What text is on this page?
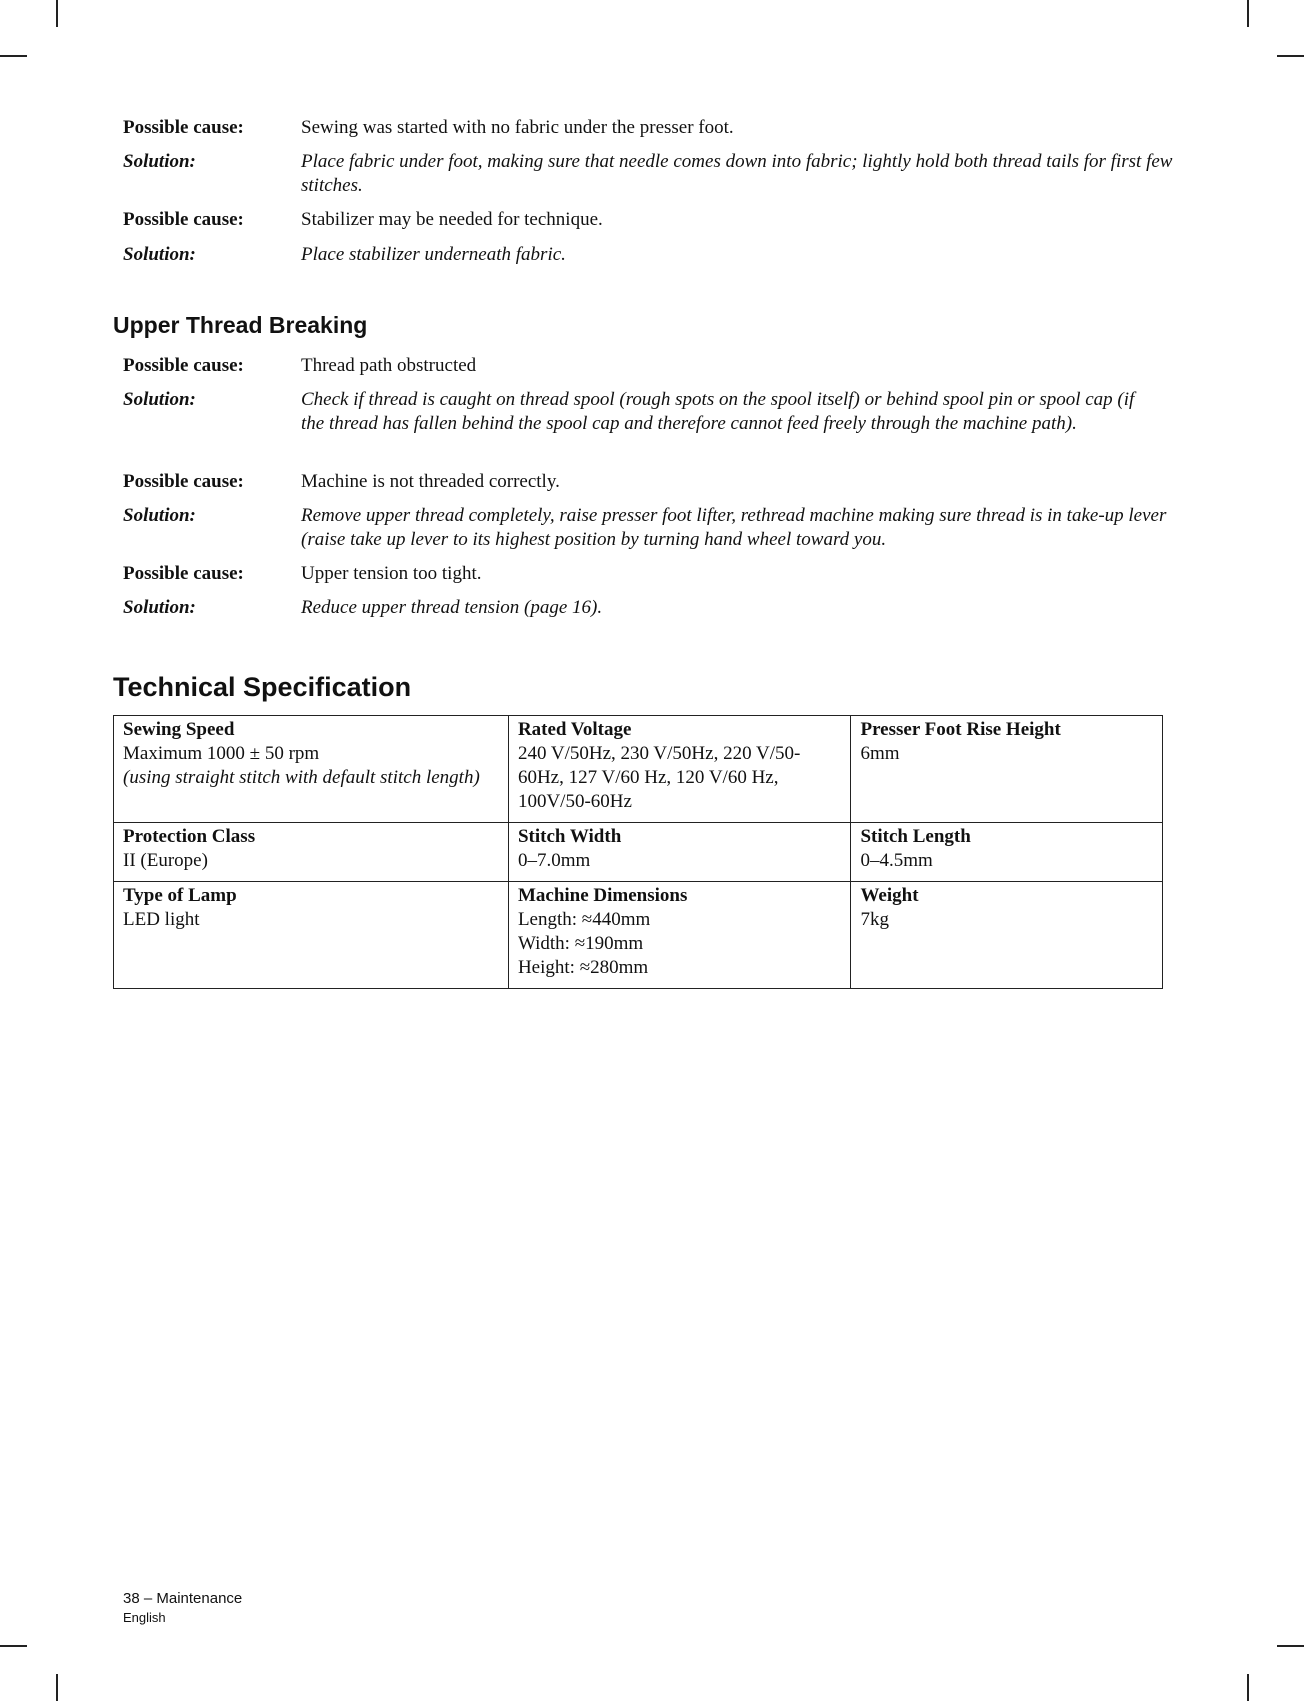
Possible cause:	Sewing was started with no fabric under the presser foot.
Solution:	Place fabric under foot, making sure that needle comes down into fabric; lightly hold both thread tails for first few stitches.
Possible cause:	Stabilizer may be needed for technique.
Solution:	Place stabilizer underneath fabric.
Upper Thread Breaking
Possible cause:	Thread path obstructed
Solution:	Check if thread is caught on thread spool (rough spots on the spool itself) or behind spool pin or spool cap (if the thread has fallen behind the spool cap and therefore cannot feed freely through the machine path).
Possible cause:	Machine is not threaded correctly.
Solution:	Remove upper thread completely, raise presser foot lifter, rethread machine making sure thread is in take-up lever (raise take up lever to its highest position by turning hand wheel toward you.
Possible cause:	Upper tension too tight.
Solution:	Reduce upper thread tension (page 16).
Technical Specification
Sewing Speed
Maximum 1000 ± 50 rpm
(using straight stitch with default stitch length)	Rated Voltage
240 V/50Hz, 230 V/50Hz, 220 V/50-60Hz, 127 V/60 Hz, 120 V/60 Hz, 100V/50-60Hz	Presser Foot Rise Height
6mm

Protection Class
II (Europe)	Stitch Width
0–7.0mm	Stitch Length
0–4.5mm

Type of Lamp
LED light	Machine Dimensions
Length: ≈440mm
Width: ≈190mm
Height: ≈280mm	Weight
7kg
38 – Maintenance
English
